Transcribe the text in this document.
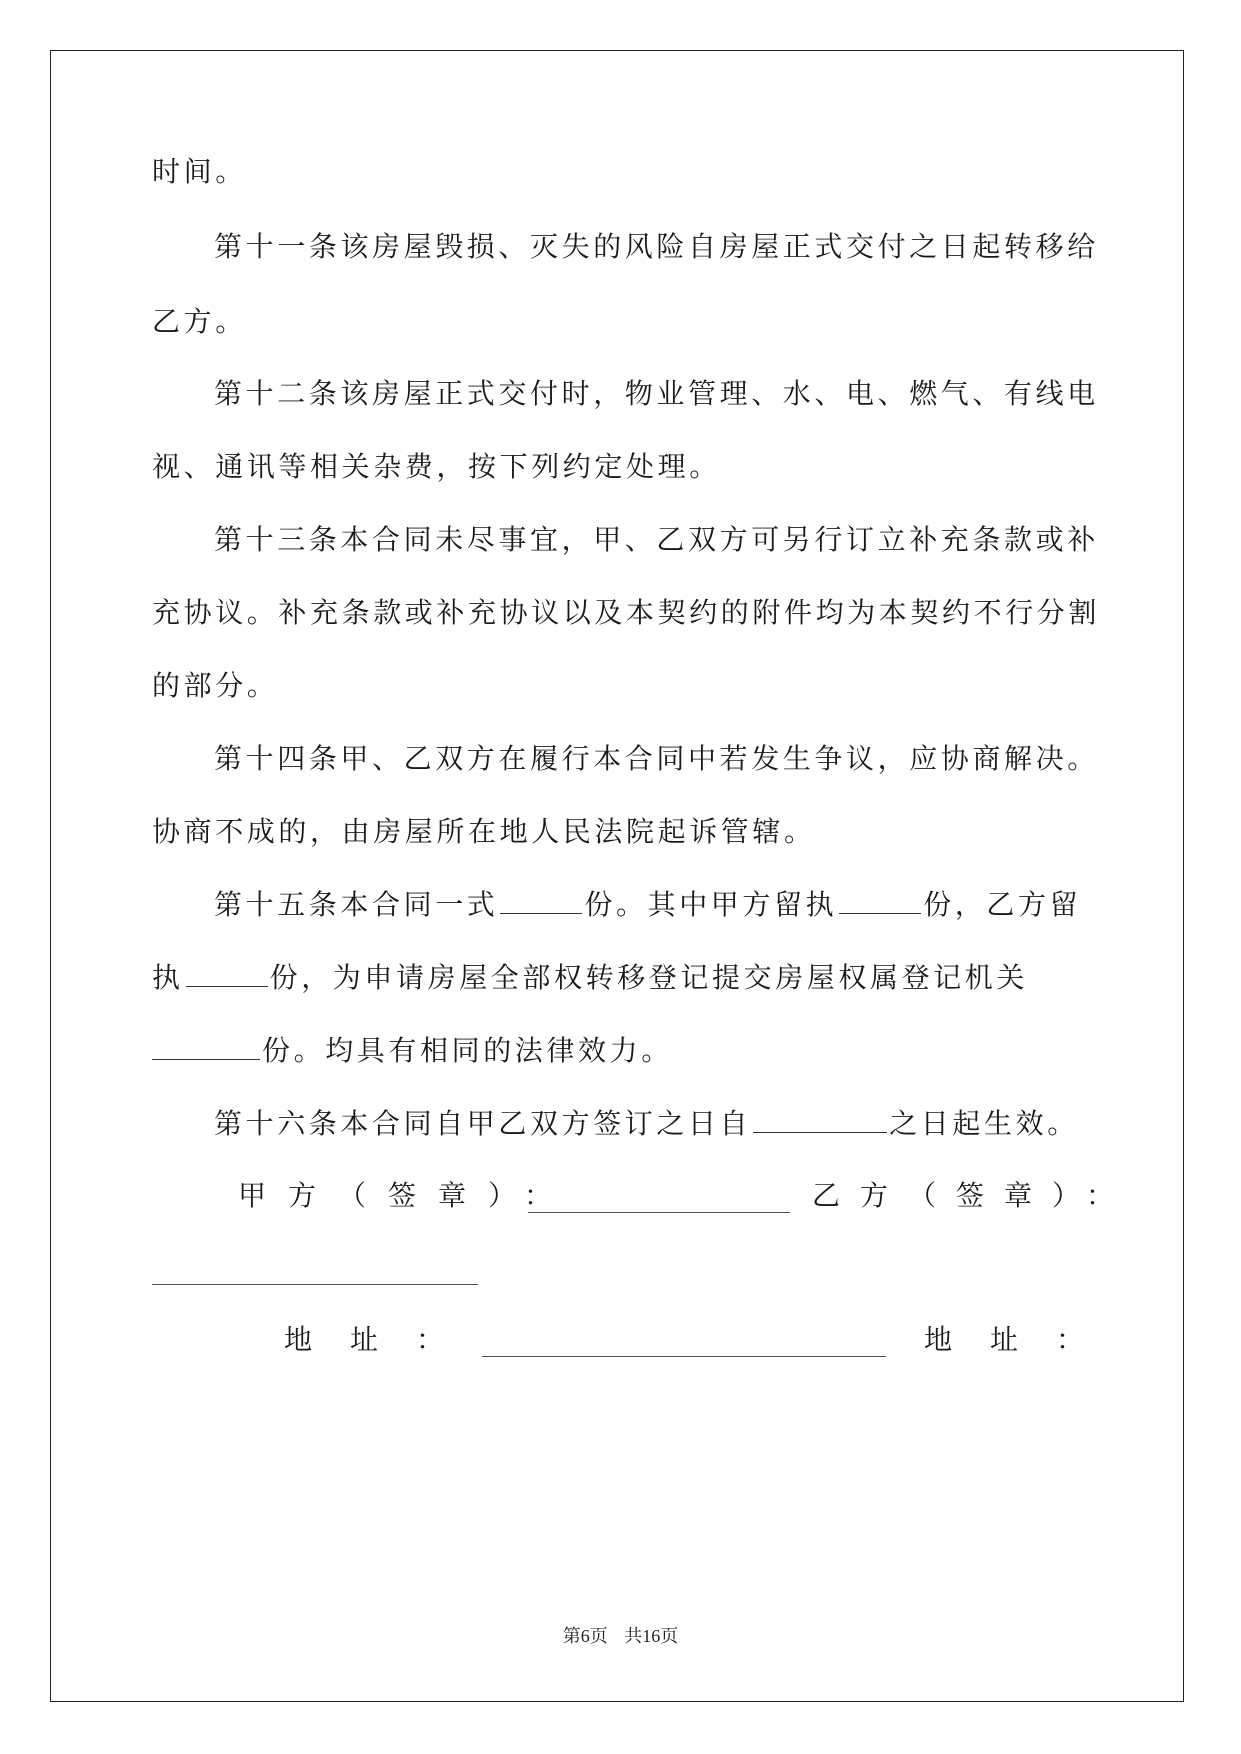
时间。
第十一条该房屋毁损、灭失的风险自房屋正式交付之日起转移给
乙方。
第十二条该房屋正式交付时，物业管理、水、电、燃气、有线电
视、通讯等相关杂费，按下列约定处理。
第十三条本合同未尽事宜，甲、乙双方可另行订立补充条款或补
充协议。补充条款或补充协议以及本契约的附件均为本契约不行分割
的部分。
第十四条甲、乙双方在履行本合同中若发生争议，应协商解决。
协商不成的，由房屋所在地人民法院起诉管辖。
第十五条本合同一式	份。其中甲方留执	份，乙方留
执	份，为申请房屋全部权转移登记提交房屋权属登记机关
份。均具有相同的法律效力。
第十六条本合同自甲乙双方签订之日自	之日起生效。
甲方（签章）：	乙方（签章）：
地址：	地址：
第6页 共16页
